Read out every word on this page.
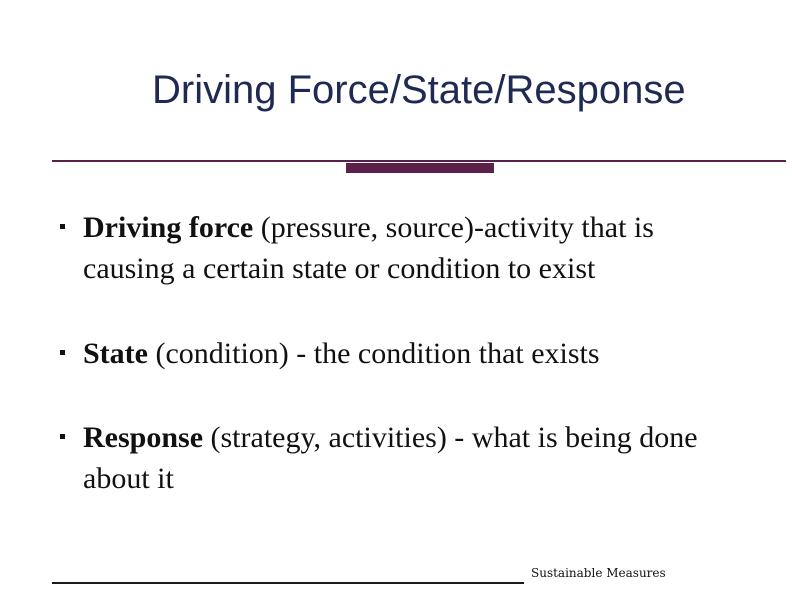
Driving Force/State/Response
Driving force (pressure, source)‑activity that is causing a certain state or condition to exist
State (condition) - the condition that exists
Response (strategy, activities) - what is being done about it
Sustainable Measures
